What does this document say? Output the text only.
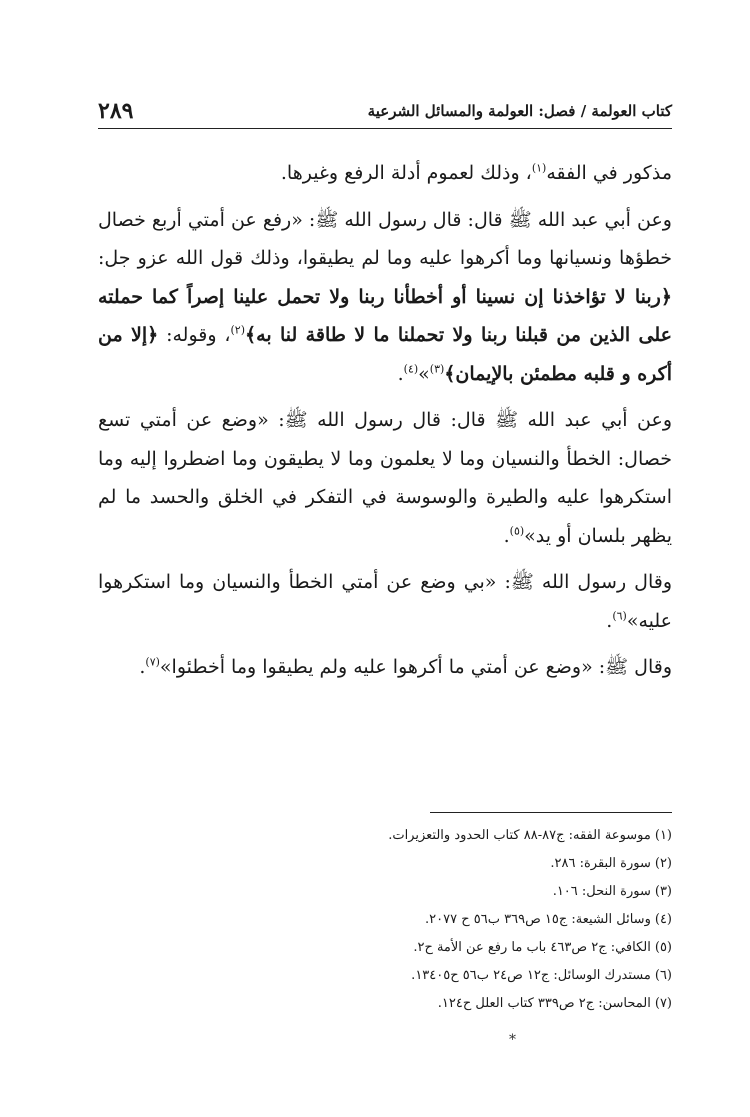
كتاب العولمة / فصل: العولمة والمسائل الشرعية
٢٨٩

مذكور في الفقه$^{(١)}$، وذلك لعموم أدلة الرفع وغيرها.

وعن أبي عبد الله ﷺ قال: قال رسول الله ﷺ: «رفع عن أمتي أربع خصال خطؤها ونسيانها وما أكرهوا عليه وما لم يطيقوا، وذلك قول الله عزو جل: ﴿ربنا لا تؤاخذنا إن نسينا أو أخطأنا ربنا ولا تحمل علينا إصراً كما حملته على الذين من قبلنا ربنا ولا تحملنا ما لا طاقة لنا به﴾$^{(٢)}$، وقوله: ﴿إلا من أكره و قلبه مطمئن بالإيمان﴾$^{(٣)}$»$^{(٤)}$.

وعن أبي عبد الله ﷺ قال: قال رسول الله ﷺ: «وضع عن أمتي تسع خصال: الخطأ والنسيان وما لا يعلمون وما لا يطيقون وما اضطروا إليه وما استكرهوا عليه والطيرة والوسوسة في التفكر في الخلق والحسد ما لم يظهر بلسان أو يد»$^{(٥)}$.

وقال رسول الله ﷺ: «بي وضع عن أمتي الخطأ والنسيان وما استكرهوا عليه»$^{(٦)}$.

وقال ﷺ: «وضع عن أمتي ما أكرهوا عليه ولم يطيقوا وما أخطئوا»$^{(٧)}$.

(١)موسوعة الفقه: ج٨٧-٨٨ كتاب الحدود والتعزيرات.

(٢)سورة البقرة: ٢٨٦.

(٣)سورة النحل: ١٠٦.

(٤)وسائل الشيعة: ج١٥ ص٣٦٩ ب٥٦ ح ٢٠٧٧.

(٥)الكافي: ج٢ ص٤٦٣ باب ما رفع عن الأمة ح٢.

(٦)مستدرك الوسائل: ج١٢ ص٢٤ ب٥٦ ح١٣٤٠٥.

(٧)المحاسن: ج٢ ص٣٣٩ كتاب العلل ح١٢٤.

*
